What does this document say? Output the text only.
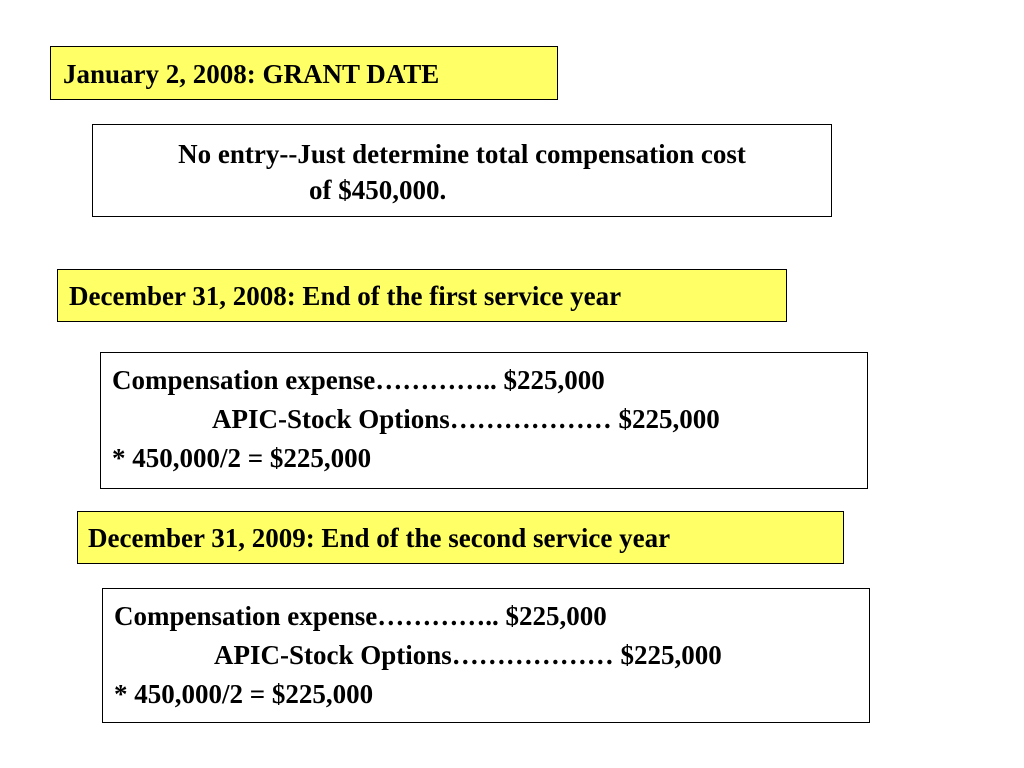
January 2, 2008: GRANT DATE
No entry--Just determine total compensation cost
of $450,000.
December 31, 2008: End of the first service year
Compensation expense………….. $225,000
APIC-Stock Options……………… $225,000
* 450,000/2 = $225,000
December 31, 2009: End of the second service year
Compensation expense………….. $225,000
APIC-Stock Options……………… $225,000
* 450,000/2 = $225,000
